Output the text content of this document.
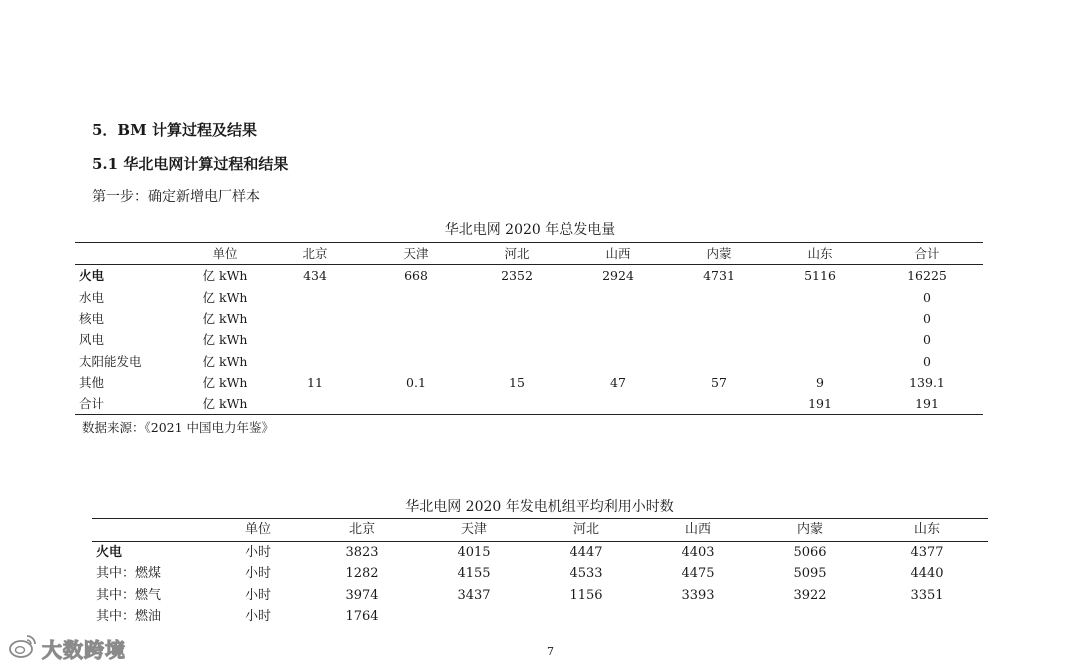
5．BM 计算过程及结果
5.1 华北电网计算过程和结果
第一步：确定新增电厂样本
华北电网 2020 年总发电量
	单位	北京	天津	河北	山西	内蒙	山东	合计
火电	亿 kWh	434	668	2352	2924	4731	5116	16225
水电	亿 kWh							0
核电	亿 kWh							0
风电	亿 kWh							0
太阳能发电	亿 kWh							0
其他	亿 kWh	11	0.1	15	47	57	9	139.1
合计	亿 kWh						191	191
数据来源：《2021 中国电力年鉴》
华北电网 2020 年发电机组平均利用小时数
	单位	北京	天津	河北	山西	内蒙	山东
火电	小时	3823	4015	4447	4403	5066	4377
其中：燃煤	小时	1282	4155	4533	4475	5095	4440
其中：燃气	小时	3974	3437	1156	3393	3922	3351
其中：燃油	小时	1764					
7
大数跨境
